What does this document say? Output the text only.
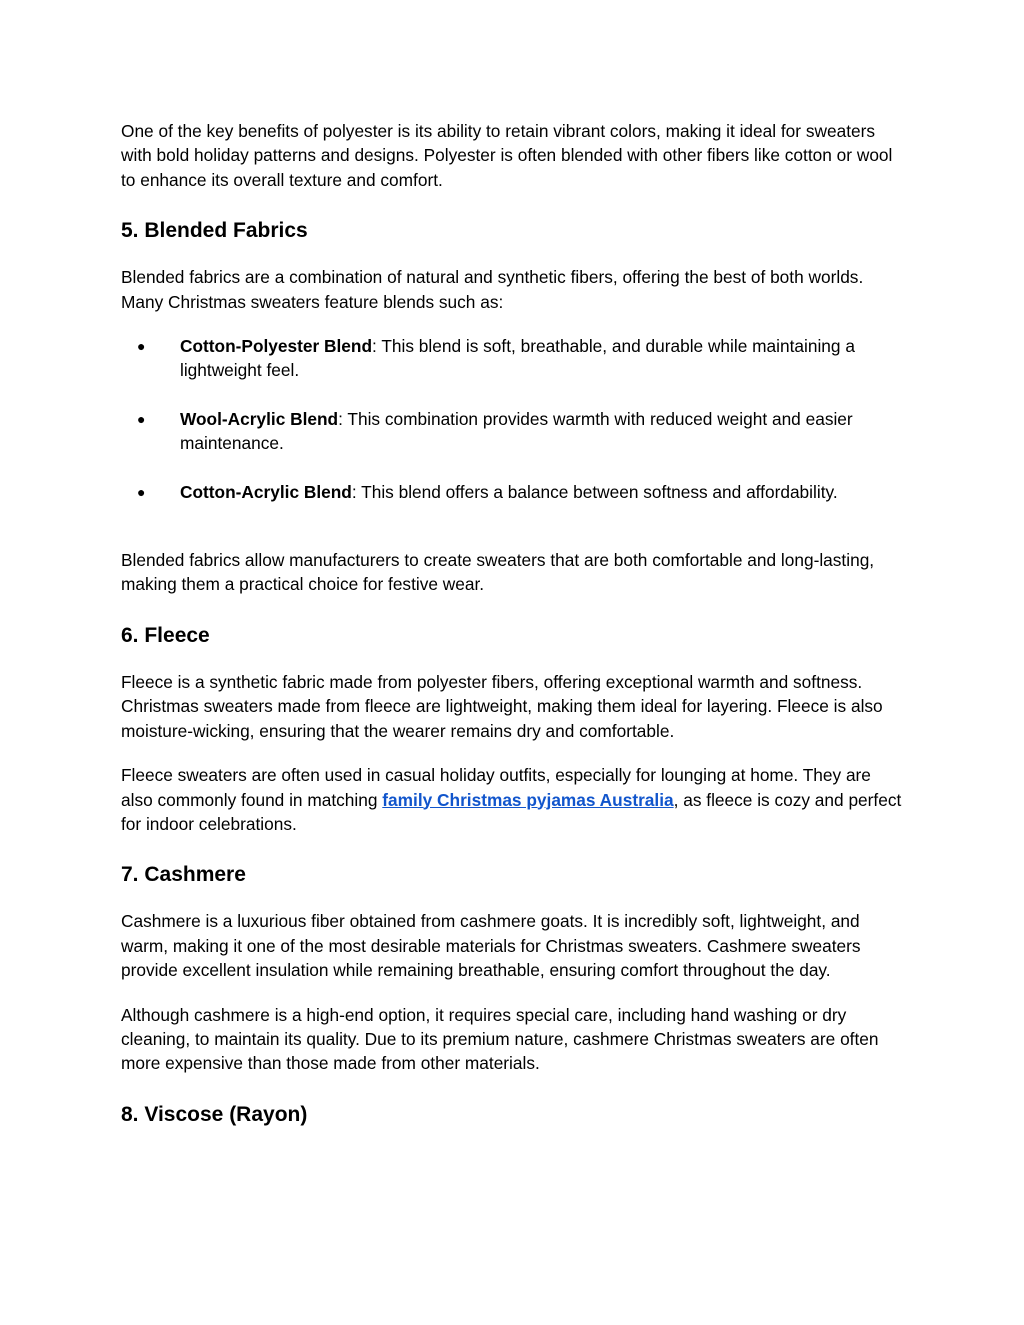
One of the key benefits of polyester is its ability to retain vibrant colors, making it ideal for sweaters with bold holiday patterns and designs. Polyester is often blended with other fibers like cotton or wool to enhance its overall texture and comfort.

5. Blended Fabrics

Blended fabrics are a combination of natural and synthetic fibers, offering the best of both worlds. Many Christmas sweaters feature blends such as:

● Cotton-Polyester Blend: This blend is soft, breathable, and durable while maintaining a lightweight feel.
● Wool-Acrylic Blend: This combination provides warmth with reduced weight and easier maintenance.
● Cotton-Acrylic Blend: This blend offers a balance between softness and affordability.

Blended fabrics allow manufacturers to create sweaters that are both comfortable and long-lasting, making them a practical choice for festive wear.

6. Fleece

Fleece is a synthetic fabric made from polyester fibers, offering exceptional warmth and softness. Christmas sweaters made from fleece are lightweight, making them ideal for layering. Fleece is also moisture-wicking, ensuring that the wearer remains dry and comfortable.

Fleece sweaters are often used in casual holiday outfits, especially for lounging at home. They are also commonly found in matching family Christmas pyjamas Australia, as fleece is cozy and perfect for indoor celebrations.

7. Cashmere

Cashmere is a luxurious fiber obtained from cashmere goats. It is incredibly soft, lightweight, and warm, making it one of the most desirable materials for Christmas sweaters. Cashmere sweaters provide excellent insulation while remaining breathable, ensuring comfort throughout the day.

Although cashmere is a high-end option, it requires special care, including hand washing or dry cleaning, to maintain its quality. Due to its premium nature, cashmere Christmas sweaters are often more expensive than those made from other materials.

8. Viscose (Rayon)
